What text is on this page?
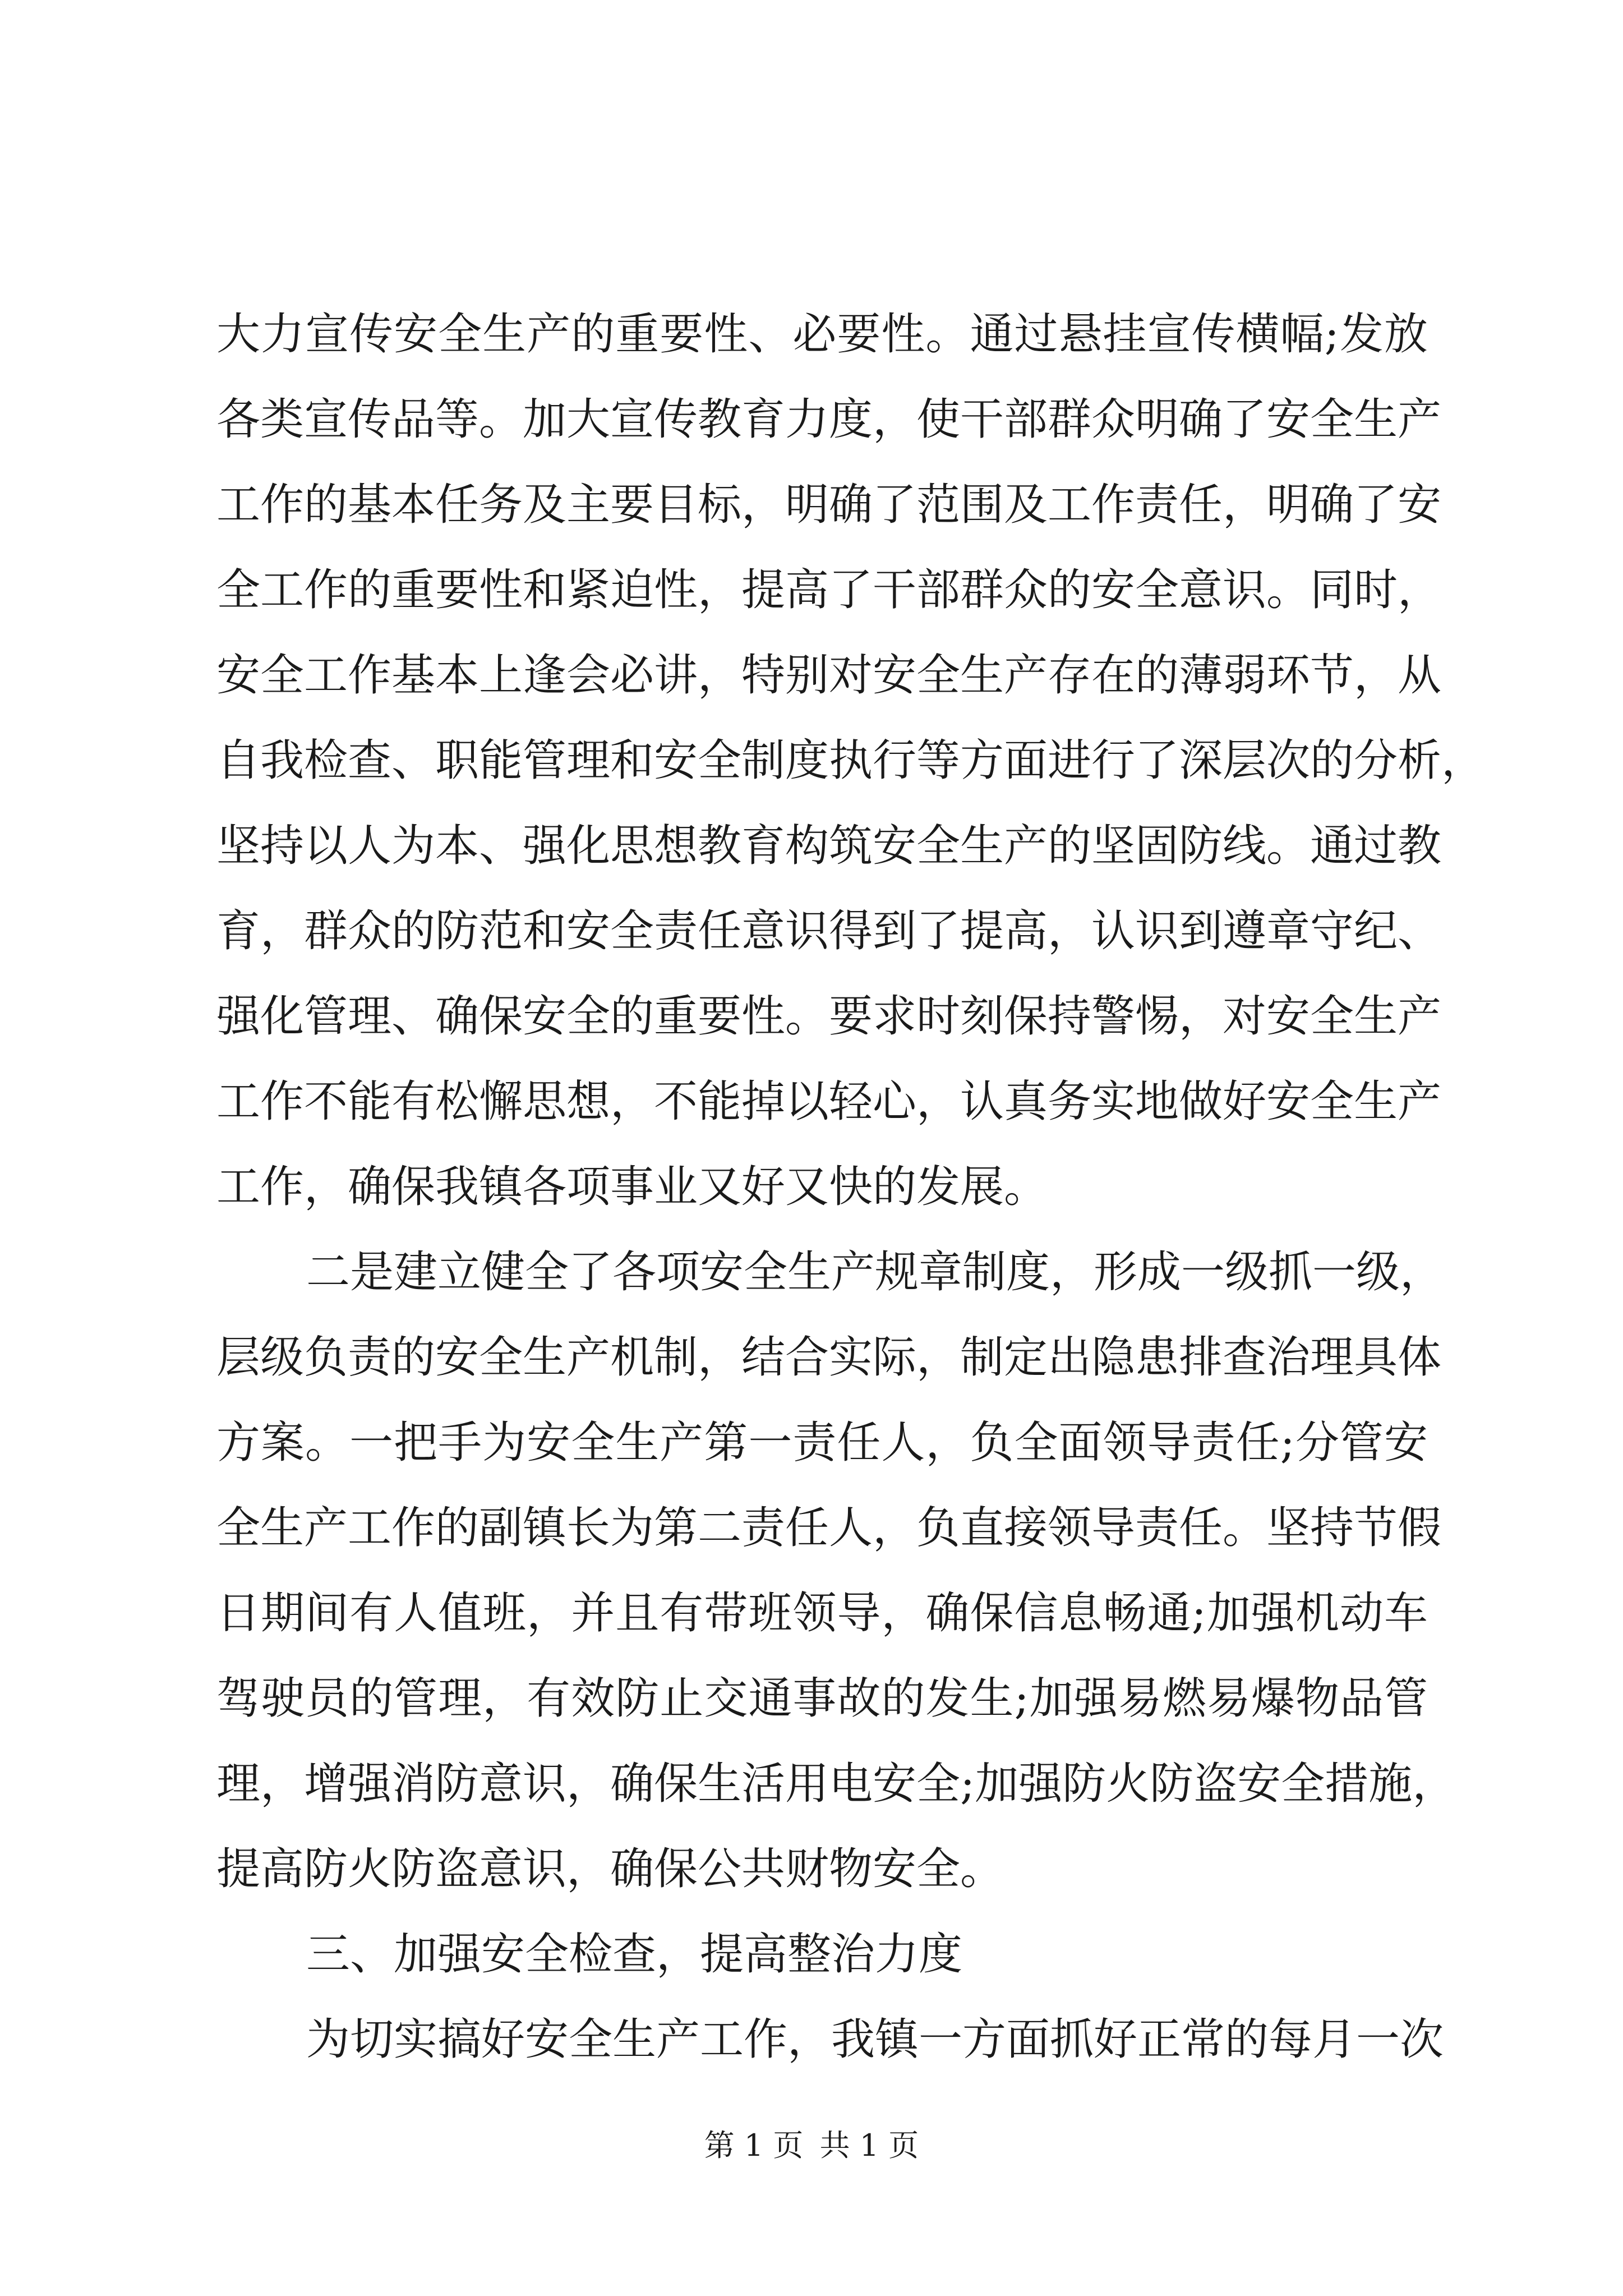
大力宣传安全生产的重要性、必要性。通过悬挂宣传横幅;发放
各类宣传品等。加大宣传教育力度，使干部群众明确了安全生产
工作的基本任务及主要目标，明确了范围及工作责任，明确了安
全工作的重要性和紧迫性，提高了干部群众的安全意识。同时，
安全工作基本上逢会必讲，特别对安全生产存在的薄弱环节，从
自我检查、职能管理和安全制度执行等方面进行了深层次的分析，
坚持以人为本、强化思想教育构筑安全生产的坚固防线。通过教
育，群众的防范和安全责任意识得到了提高，认识到遵章守纪、
强化管理、确保安全的重要性。要求时刻保持警惕，对安全生产
工作不能有松懈思想，不能掉以轻心，认真务实地做好安全生产
工作，确保我镇各项事业又好又快的发展。
二是建立健全了各项安全生产规章制度，形成一级抓一级，
层级负责的安全生产机制，结合实际，制定出隐患排查治理具体
方案。一把手为安全生产第一责任人，负全面领导责任;分管安
全生产工作的副镇长为第二责任人，负直接领导责任。坚持节假
日期间有人值班，并且有带班领导，确保信息畅通;加强机动车
驾驶员的管理，有效防止交通事故的发生;加强易燃易爆物品管
理，增强消防意识，确保生活用电安全;加强防火防盗安全措施，
提高防火防盗意识，确保公共财物安全。
三、加强安全检查，提高整治力度
为切实搞好安全生产工作，我镇一方面抓好正常的每月一次
第 1 页 共 1 页
